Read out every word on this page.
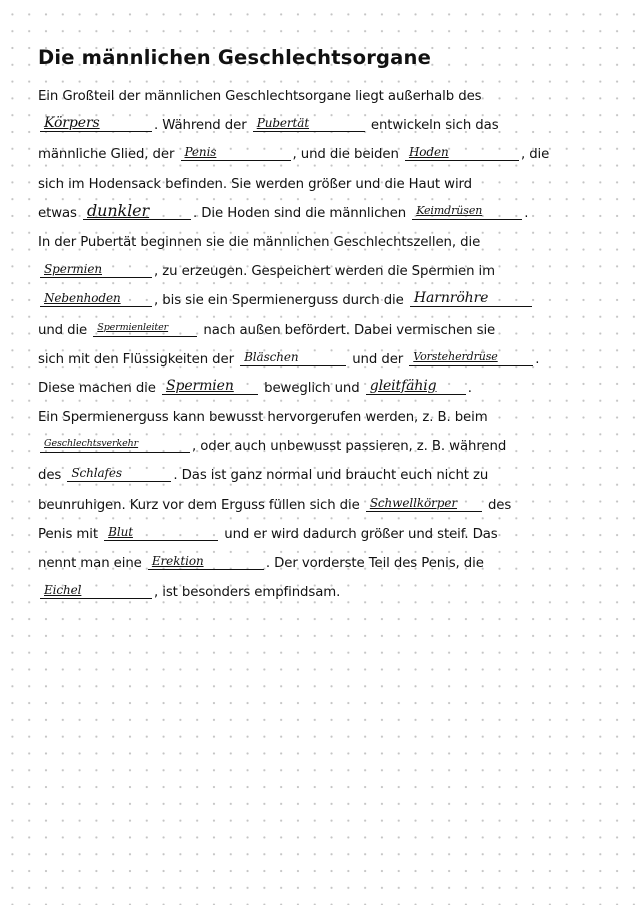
Die männlichen Geschlechtsorgane
Ein Großteil der männlichen Geschlechtsorgane liegt außerhalb des
Körpers	. Während der Pubertät	entwickeln sich das
männliche Glied, der Penis	, und die beiden Hoden	, die
sich im Hodensack befinden. Sie werden größer und die Haut wird
etwas dunkler	. Die Hoden sind die männlichen Keimdrüsen	.
In der Pubertät beginnen sie die männlichen Geschlechtszellen, die
Spermien	, zu erzeugen. Gespeichert werden die Spermien im
Nebenhoden	, bis sie ein Spermienerguss durch die Harnröhre
und die Spermienleiter	nach außen befördert. Dabei vermischen sie
sich mit den Flüssigkeiten der Bläschen	und der Vorsteherdrüse	.
Diese machen die Spermien beweglich und gleitfähig .
Ein Spermienerguss kann bewusst hervorgerufen werden, z. B. beim
Geschlechtsverkehr	, oder auch unbewusst passieren, z. B. während
des Schlafes	. Das ist ganz normal und braucht euch nicht zu
beunruhigen. Kurz vor dem Erguss füllen sich die Schwellkörper des
Penis mit Blut	und er wird dadurch größer und steif. Das
nennt man eine Erektion	. Der vorderste Teil des Penis, die
Eichel	, ist besonders empfindsam.
